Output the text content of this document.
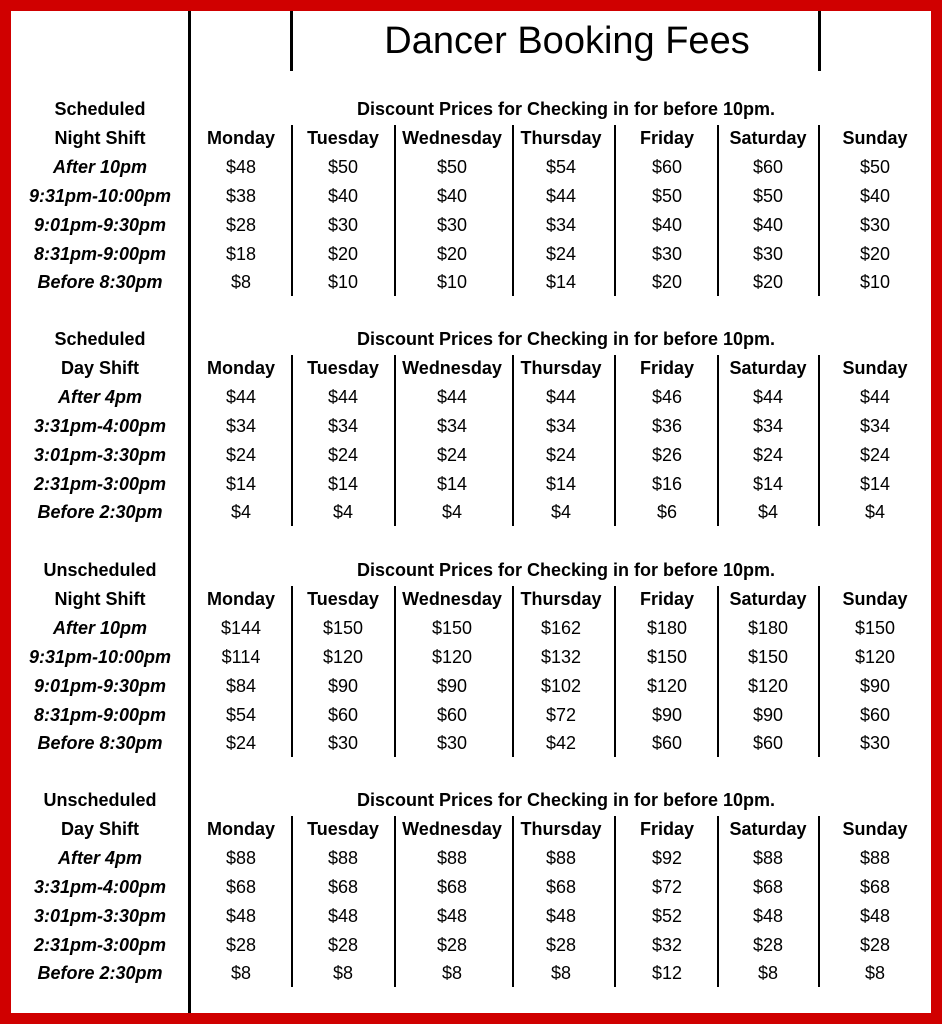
Dancer Booking Fees
Scheduled
Night Shift
Discount Prices for Checking in for before 10pm.
Monday	Tuesday	Wednesday	Thursday	Friday	Saturday	Sunday
After 10pm	$48	$50	$50	$54	$60	$60	$50
9:31pm-10:00pm	$38	$40	$40	$44	$50	$50	$40
9:01pm-9:30pm	$28	$30	$30	$34	$40	$40	$30
8:31pm-9:00pm	$18	$20	$20	$24	$30	$30	$20
Before 8:30pm	$8	$10	$10	$14	$20	$20	$10
Scheduled
Day Shift
Discount Prices for Checking in for before 10pm.
Monday	Tuesday	Wednesday	Thursday	Friday	Saturday	Sunday
After 4pm	$44	$44	$44	$44	$46	$44	$44
3:31pm-4:00pm	$34	$34	$34	$34	$36	$34	$34
3:01pm-3:30pm	$24	$24	$24	$24	$26	$24	$24
2:31pm-3:00pm	$14	$14	$14	$14	$16	$14	$14
Before 2:30pm	$4	$4	$4	$4	$6	$4	$4
Unscheduled
Night Shift
Discount Prices for Checking in for before 10pm.
Monday	Tuesday	Wednesday	Thursday	Friday	Saturday	Sunday
After 10pm	$144	$150	$150	$162	$180	$180	$150
9:31pm-10:00pm	$114	$120	$120	$132	$150	$150	$120
9:01pm-9:30pm	$84	$90	$90	$102	$120	$120	$90
8:31pm-9:00pm	$54	$60	$60	$72	$90	$90	$60
Before 8:30pm	$24	$30	$30	$42	$60	$60	$30
Unscheduled
Day Shift
Discount Prices for Checking in for before 10pm.
Monday	Tuesday	Wednesday	Thursday	Friday	Saturday	Sunday
After 4pm	$88	$88	$88	$88	$92	$88	$88
3:31pm-4:00pm	$68	$68	$68	$68	$72	$68	$68
3:01pm-3:30pm	$48	$48	$48	$48	$52	$48	$48
2:31pm-3:00pm	$28	$28	$28	$28	$32	$28	$28
Before 2:30pm	$8	$8	$8	$8	$12	$8	$8
